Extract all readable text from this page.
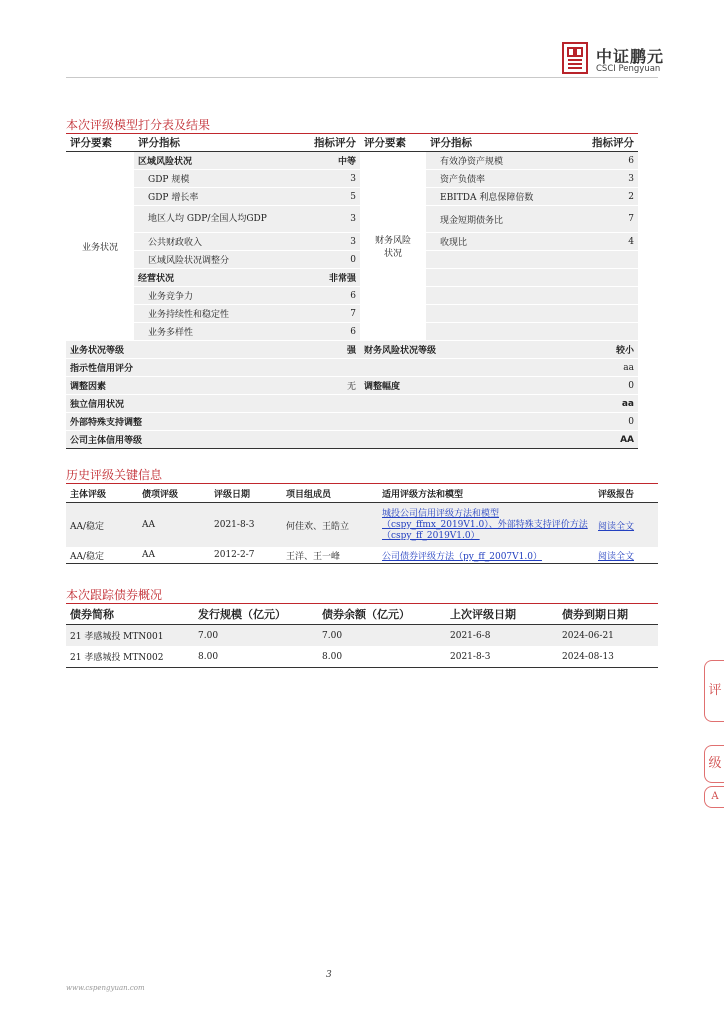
中证鹏元
CSCI Pengyuan
本次评级模型打分表及结果
评分要素	评分指标	指标评分	评分要素	评分指标	指标评分
业务状况	区域风险状况	中等	财务风险状况	有效净资产规模	6
	GDP 规模	3		资产负债率	3
	GDP 增长率	5		EBITDA 利息保障倍数	2
	地区人均 GDP/全国人均GDP	3		现金短期债务比	7
	公共财政收入	3		收现比	4
	区域风险状况调整分	0			
	经营状况	非常强			
	业务竞争力	6			
	业务持续性和稳定性	7			
	业务多样性	6			
业务状况等级		强	财务风险状况等级		较小
指示性信用评分					aa
调整因素		无	调整幅度		0
独立信用状况					aa
外部特殊支持调整					0
公司主体信用等级					AA
历史评级关键信息
主体评级	债项评级	评级日期	项目组成员	适用评级方法和模型	评级报告
AA/稳定	AA	2021-8-3	何佳欢、王皓立	城投公司信用评级方法和模型（cspy_ffmx_2019V1.0）、外部特殊支持评价方法（cspy_ff_2019V1.0）	阅读全文
AA/稳定	AA	2012-2-7	王洋、王一峰	公司债券评级方法（py_ff_2007V1.0）	阅读全文
本次跟踪债券概况
债券简称	发行规模（亿元）	债券余额（亿元）	上次评级日期	债券到期日期
21 孝感城投 MTN001	7.00	7.00	2021-6-8	2024-06-21
21 孝感城投 MTN002	8.00	8.00	2021-8-3	2024-08-13
评
级
A
3
www.cspengyuan.com
